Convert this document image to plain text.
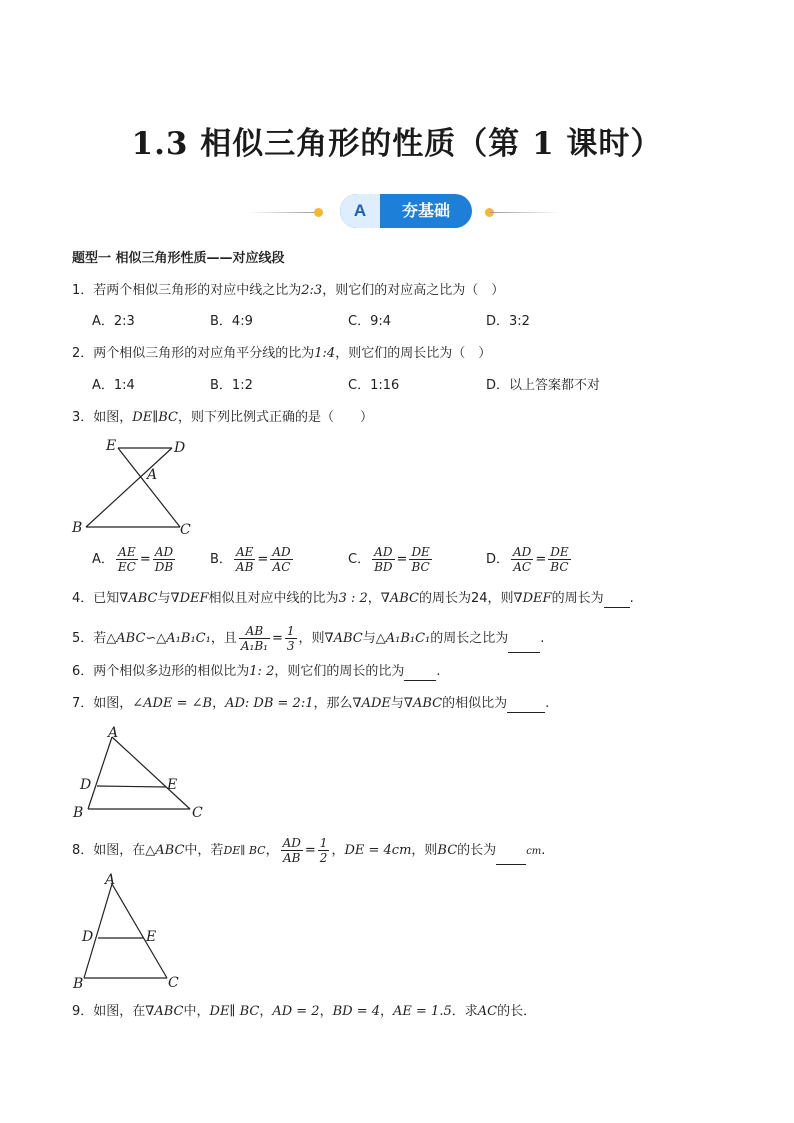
1.3 相似三角形的性质（第 1 课时）
A	夯基础
题型一 相似三角形性质——对应线段
1．若两个相似三角形的对应中线之比为2:3，则它们的对应高之比为（　）
A．2:3	B．4:9	C．9:4	D．3:2
2．两个相似三角形的对应角平分线的比为1:4，则它们的周长比为（　）
A．1:4	B．1:2	C．1:16	D．以上答案都不对
3．如图，DE∥BC，则下列比例式正确的是（　　）
E	D
A
B	C
A． $\frac{AE}{EC} = \frac{AD}{DB}$	B． $\frac{AE}{AB} = \frac{AD}{AC}$	C． $\frac{AD}{BD} = \frac{DE}{BC}$	D． $\frac{AD}{AC} = \frac{DE}{BC}$
4．已知∇ABC与∇DEF相似且对应中线的比为3 : 2，∇ABC的周长为24，则∇DEF的周长为 .
5．若△ABC∽△A₁B₁C₁，且 $\frac{AB}{\text{A₁B₁}} = \frac{1}{3}$ ，则∇ABC与△A₁B₁C₁的周长之比为 .
6．两个相似多边形的相似比为1: 2，则它们的周长的比为 .
7．如图，∠ADE = ∠B，AD: DB = 2:1，那么∇ADE与∇ABC的相似比为	.
A
D	E
B	C
8．如图，在△ABC中，若DE∥ BC， $\frac{AD}{AB} = \frac{1}{2}$ ，DE = 4cm，则BC的长为	cm.
A
D	E
B	C
9．如图，在∇ABC中，DE∥ BC，AD = 2，BD = 4，AE = 1.5．求AC的长．
